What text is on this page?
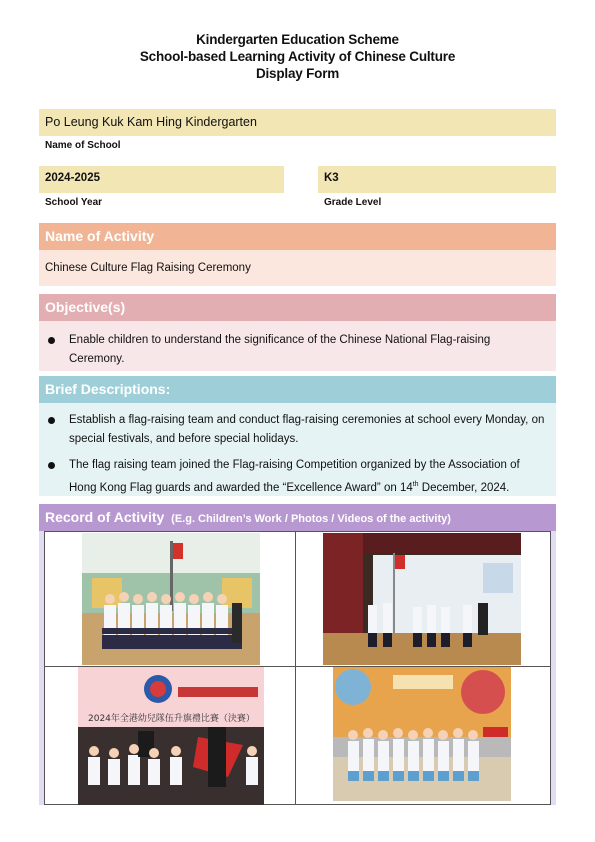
Kindergarten Education Scheme
School-based Learning Activity of Chinese Culture
Display Form
Po Leung Kuk Kam Hing Kindergarten
Name of School
2024-2025
School Year
K3
Grade Level
Name of Activity
Chinese Culture Flag Raising Ceremony
Objective(s)
Enable children to understand the significance of the Chinese National Flag-raising Ceremony.
Brief Descriptions:
Establish a flag-raising team and conduct flag-raising ceremonies at school every Monday, on special festivals, and before special holidays.
The flag raising team joined the Flag-raising Competition organized by the Association of Hong Kong Flag guards and awarded the “Excellence Award” on 14th December, 2024.
Record of Activity (E.g. Children’s Work / Photos / Videos of the activity)
2024年全港幼兒隊伍升旗禮比賽（決賽）
